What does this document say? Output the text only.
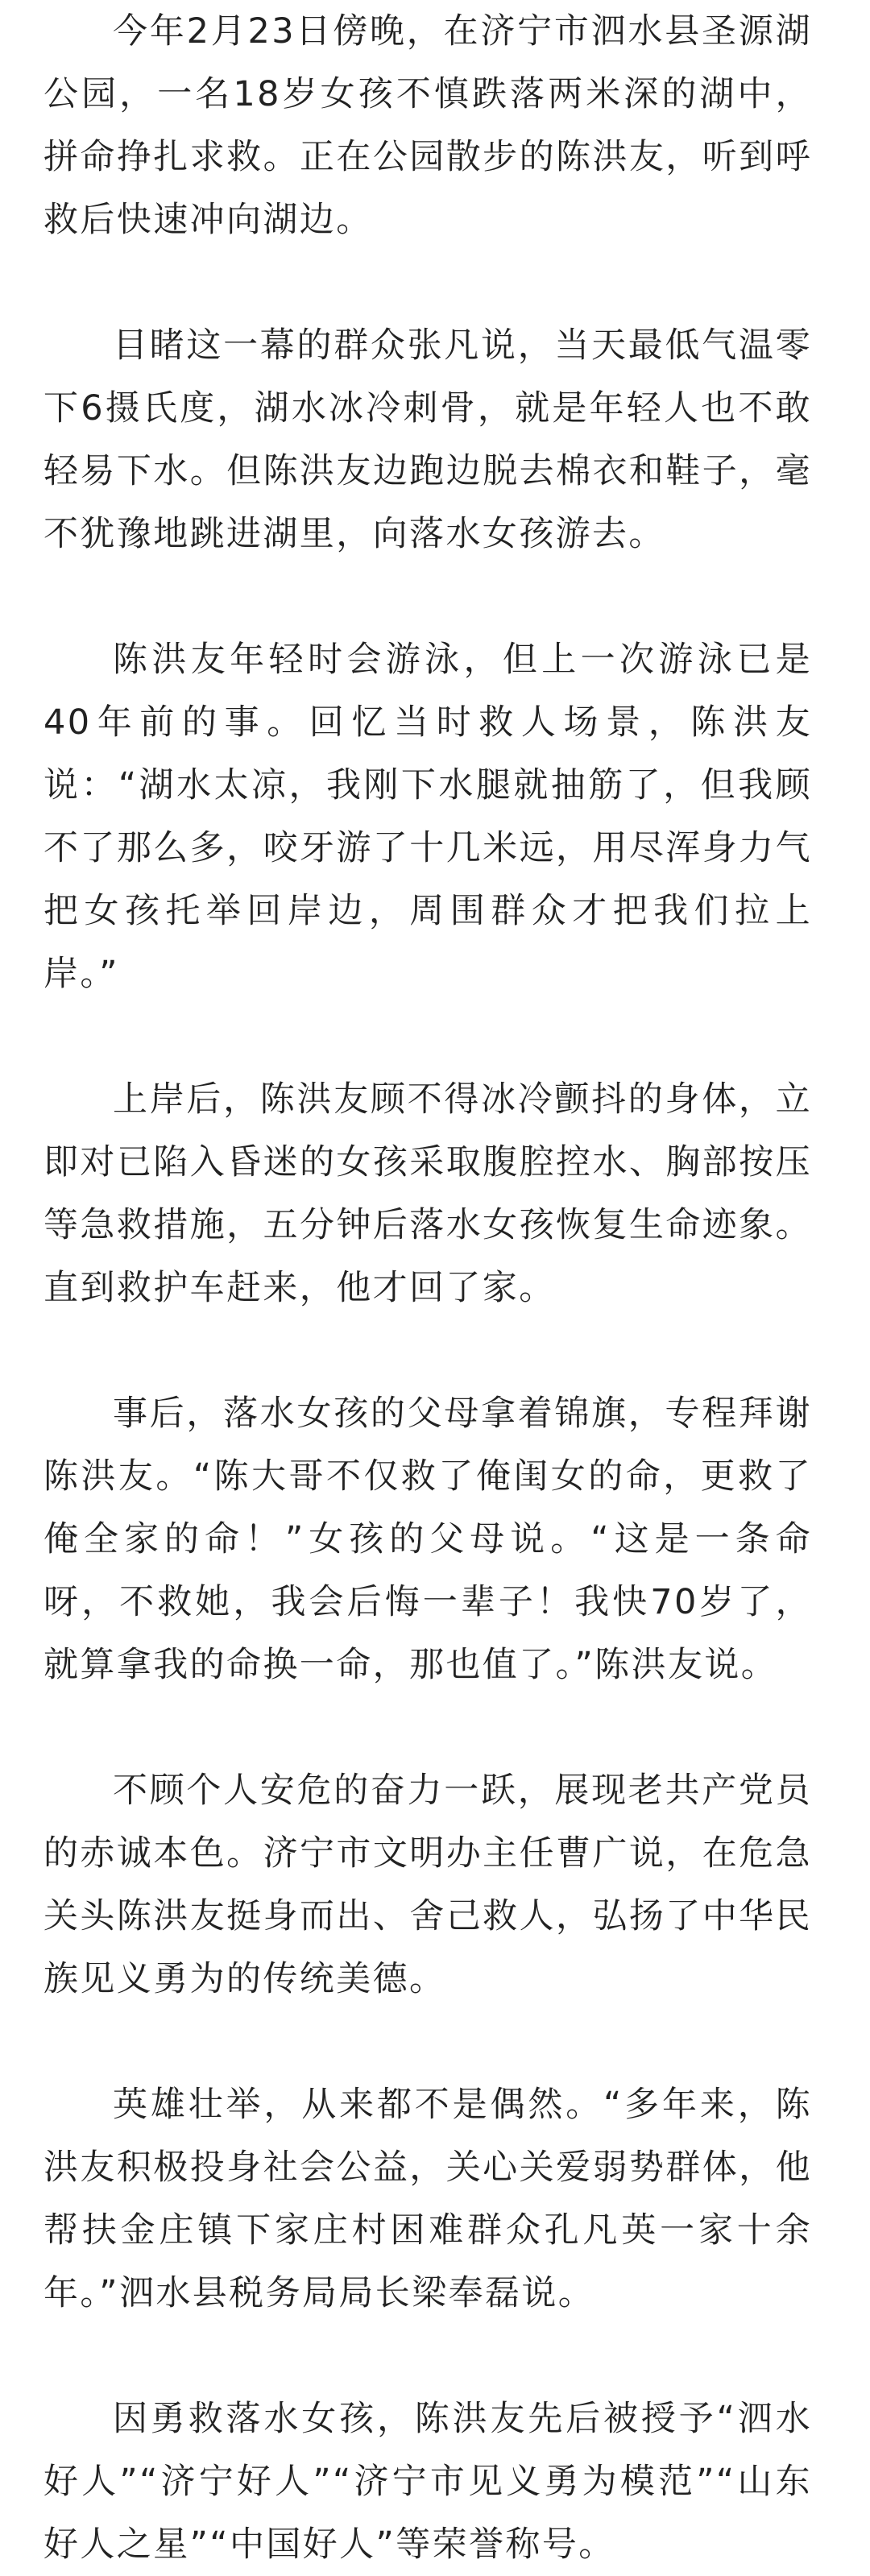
今年2月23日傍晚，在济宁市泗水县圣源湖公园，一名18岁女孩不慎跌落两米深的湖中，拼命挣扎求救。正在公园散步的陈洪友，听到呼救后快速冲向湖边。

目睹这一幕的群众张凡说，当天最低气温零下6摄氏度，湖水冰冷刺骨，就是年轻人也不敢轻易下水。但陈洪友边跑边脱去棉衣和鞋子，毫不犹豫地跳进湖里，向落水女孩游去。

陈洪友年轻时会游泳，但上一次游泳已是40年前的事。回忆当时救人场景，陈洪友说：“湖水太凉，我刚下水腿就抽筋了，但我顾不了那么多，咬牙游了十几米远，用尽浑身力气把女孩托举回岸边，周围群众才把我们拉上岸。”

上岸后，陈洪友顾不得冰冷颤抖的身体，立即对已陷入昏迷的女孩采取腹腔控水、胸部按压等急救措施，五分钟后落水女孩恢复生命迹象。直到救护车赶来，他才回了家。

事后，落水女孩的父母拿着锦旗，专程拜谢陈洪友。“陈大哥不仅救了俺闺女的命，更救了俺全家的命！”女孩的父母说。“这是一条命呀，不救她，我会后悔一辈子！我快70岁了，就算拿我的命换一命，那也值了。”陈洪友说。

不顾个人安危的奋力一跃，展现老共产党员的赤诚本色。济宁市文明办主任曹广说，在危急关头陈洪友挺身而出、舍己救人，弘扬了中华民族见义勇为的传统美德。

英雄壮举，从来都不是偶然。“多年来，陈洪友积极投身社会公益，关心关爱弱势群体，他帮扶金庄镇下家庄村困难群众孔凡英一家十余年。”泗水县税务局局长梁奉磊说。

因勇救落水女孩，陈洪友先后被授予“泗水好人”“济宁好人”“济宁市见义勇为模范”“山东好人之星”“中国好人”等荣誉称号。
